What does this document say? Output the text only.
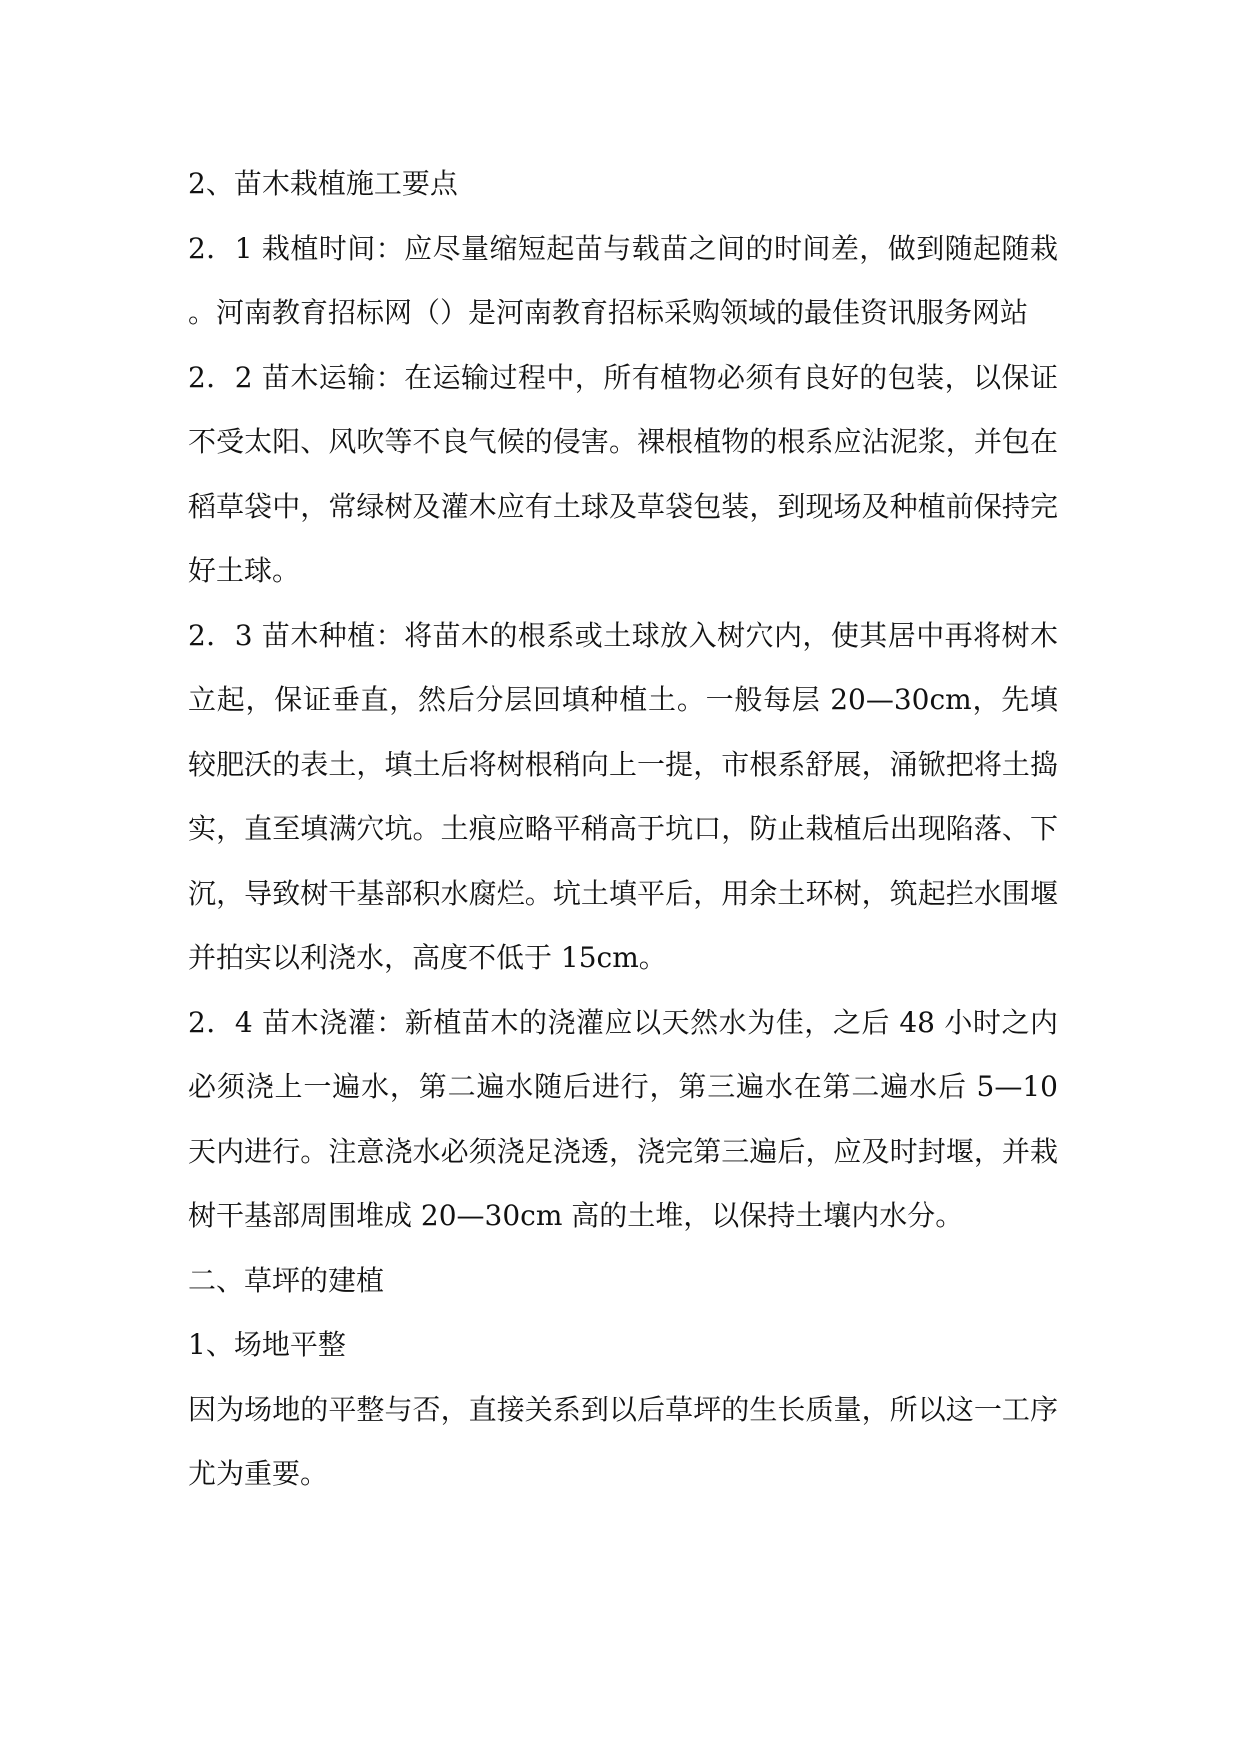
2、苗木栽植施工要点

2．1 栽植时间：应尽量缩短起苗与载苗之间的时间差，做到随起随栽。河南教育招标网（）是河南教育招标采购领域的最佳资讯服务网站

2．2 苗木运输：在运输过程中，所有植物必须有良好的包装，以保证不受太阳、风吹等不良气候的侵害。裸根植物的根系应沾泥浆，并包在稻草袋中，常绿树及灌木应有土球及草袋包装，到现场及种植前保持完好土球。

2．3 苗木种植：将苗木的根系或土球放入树穴内，使其居中再将树木立起，保证垂直，然后分层回填种植土。一般每层 20—30cm，先填较肥沃的表土，填土后将树根稍向上一提，市根系舒展，涌锨把将土捣实，直至填满穴坑。土痕应略平稍高于坑口，防止栽植后出现陷落、下沉，导致树干基部积水腐烂。坑土填平后，用余土环树，筑起拦水围堰并拍实以利浇水，高度不低于 15cm。

2．4 苗木浇灌：新植苗木的浇灌应以天然水为佳，之后 48 小时之内必须浇上一遍水，第二遍水随后进行，第三遍水在第二遍水后 5—10 天内进行。注意浇水必须浇足浇透，浇完第三遍后，应及时封堰，并栽树干基部周围堆成 20—30cm 高的土堆，以保持土壤内水分。

二、草坪的建植

1、场地平整

因为场地的平整与否，直接关系到以后草坪的生长质量，所以这一工序尤为重要。
